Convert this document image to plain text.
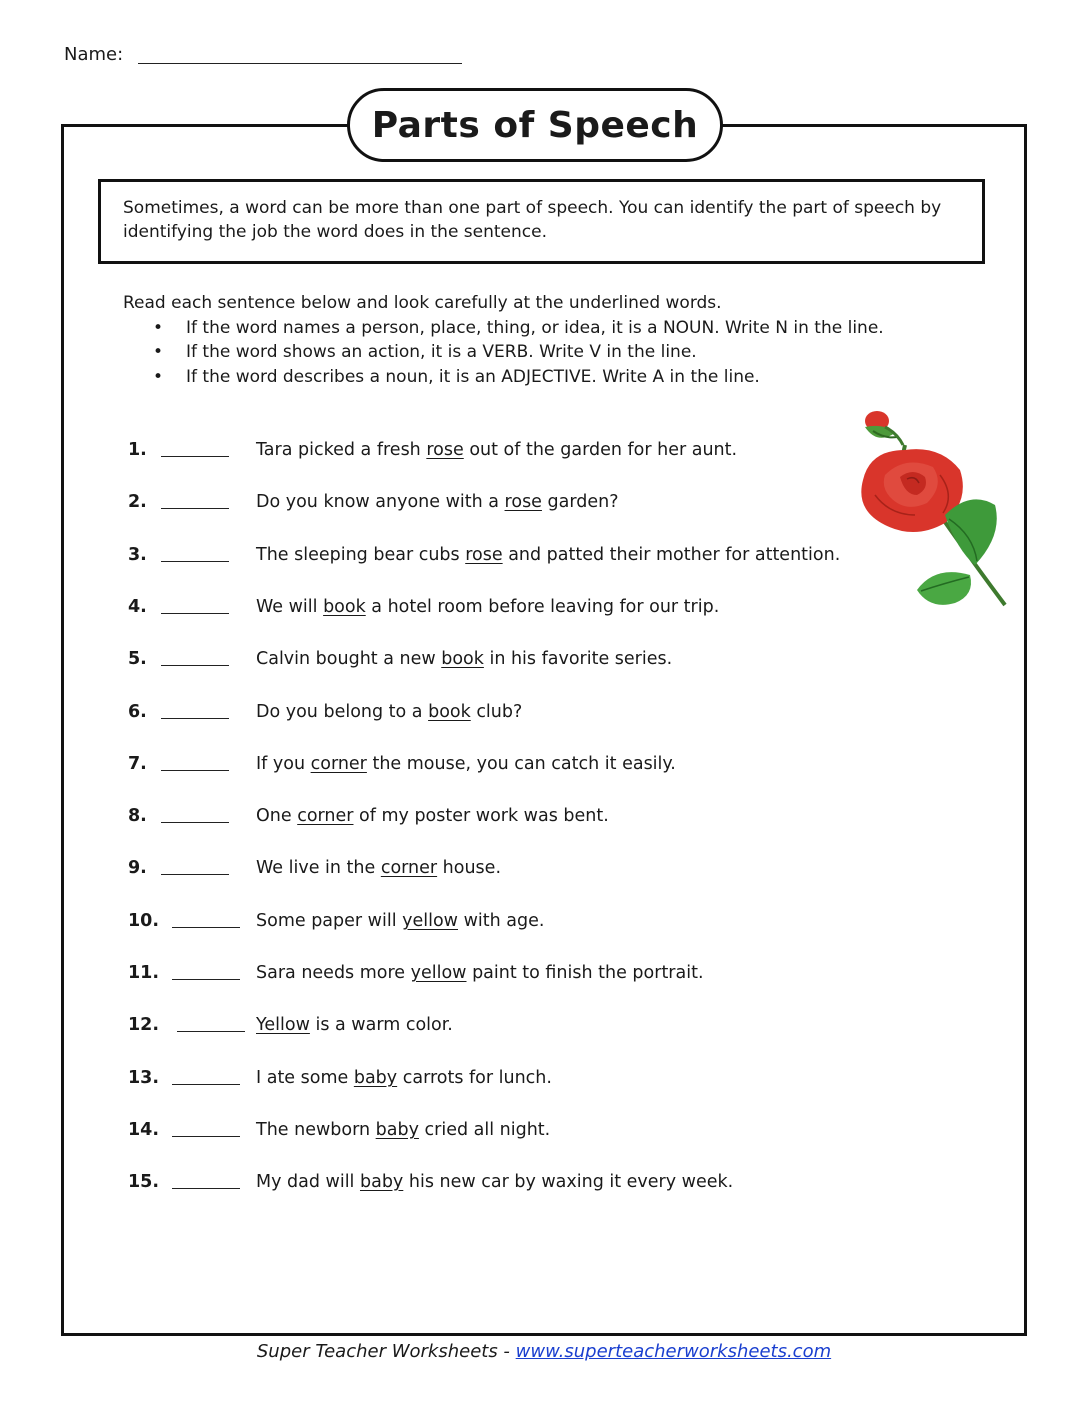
Name:
Parts of Speech
Sometimes, a word can be more than one part of speech. You can identify the part of speech by identifying the job the word does in the sentence.
Read each sentence below and look carefully at the underlined words.
• If the word names a person, place, thing, or idea, it is a NOUN. Write N in the line.
• If the word shows an action, it is a VERB. Write V in the line.
• If the word describes a noun, it is an ADJECTIVE. Write A in the line.
1.	Tara picked a fresh rose out of the garden for her aunt.
2.	Do you know anyone with a rose garden?
3.	The sleeping bear cubs rose and patted their mother for attention.
4.	We will book a hotel room before leaving for our trip.
5.	Calvin bought a new book in his favorite series.
6.	Do you belong to a book club?
7.	If you corner the mouse, you can catch it easily.
8.	One corner of my poster work was bent.
9.	We live in the corner house.
10.	Some paper will yellow with age.
11.	Sara needs more yellow paint to finish the portrait.
12.	Yellow is a warm color.
13.	I ate some baby carrots for lunch.
14.	The newborn baby cried all night.
15.	My dad will baby his new car by waxing it every week.
Super Teacher Worksheets - www.superteacherworksheets.com
